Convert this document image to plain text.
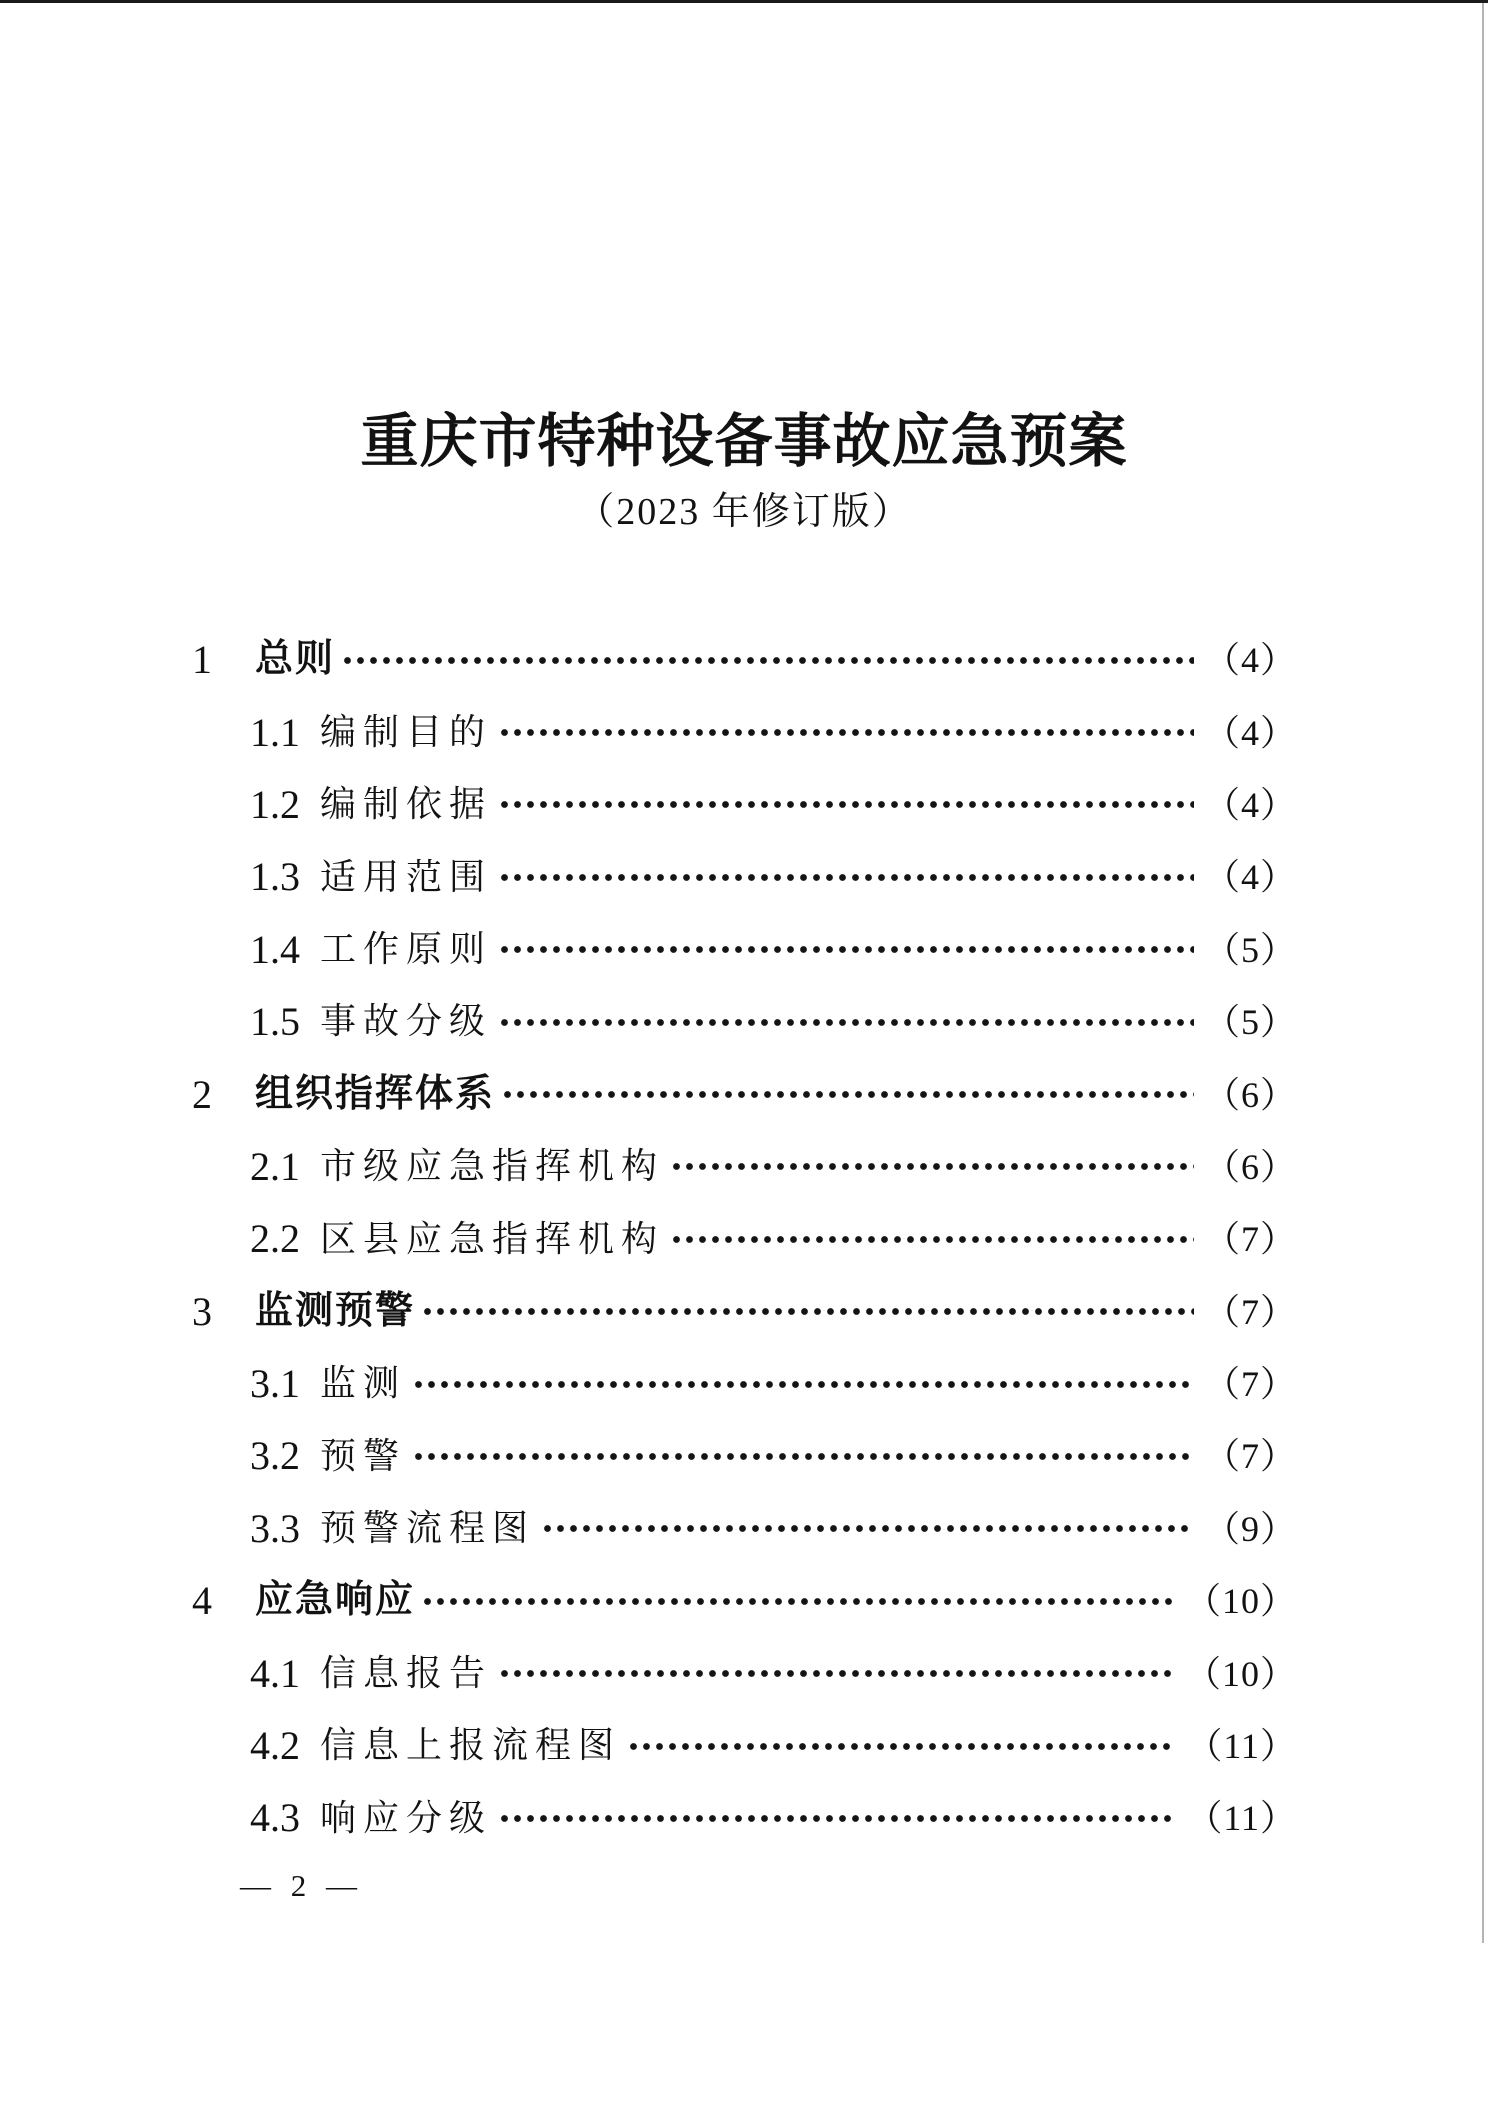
重庆市特种设备事故应急预案
（2023 年修订版）
1	总则	（4）
1.1 编制目的	（4）
1.2 编制依据	（4）
1.3 适用范围	（4）
1.4 工作原则	（5）
1.5 事故分级	（5）
2	组织指挥体系	（6）
2.1 市级应急指挥机构	（6）
2.2 区县应急指挥机构	（7）
3	监测预警	（7）
3.1 监测	（7）
3.2 预警	（7）
3.3 预警流程图	（9）
4	应急响应	（10）
4.1 信息报告	（10）
4.2 信息上报流程图	（11）
4.3 响应分级	（11）
— 2 —
